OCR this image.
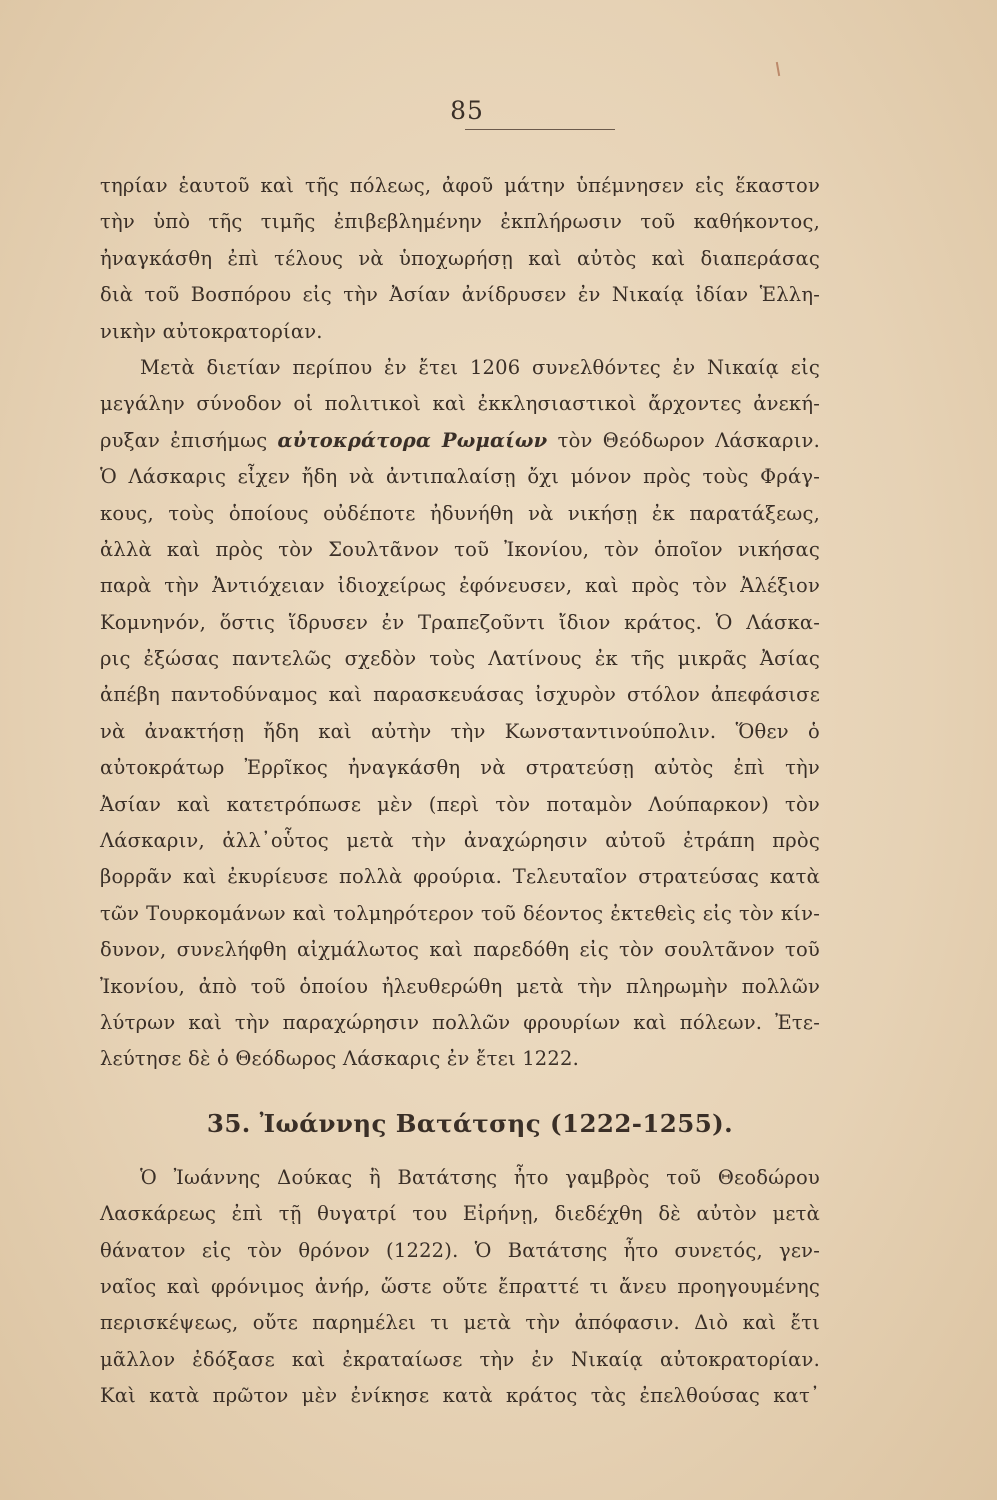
85
τηρίαν ἑαυτοῦ καὶ τῆς πόλεως, ἀφοῦ μάτην ὑπέμνησεν εἰς ἕκαστον
τὴν ὑπὸ τῆς τιμῆς ἐπιβεβλημένην ἐκπλήρωσιν τοῦ καθήκοντος,
ἠναγκάσθη ἐπὶ τέλους νὰ ὑποχωρήσῃ καὶ αὐτὸς καὶ διαπεράσας
διὰ τοῦ Βοσπόρου εἰς τὴν Ἀσίαν ἀνίδρυσεν ἐν Νικαίᾳ ἰδίαν Ἑλλη-
νικὴν αὐτοκρατορίαν.
Μετὰ διετίαν περίπου ἐν ἔτει 1206 συνελθόντες ἐν Νικαίᾳ εἰς
μεγάλην σύνοδον οἱ πολιτικοὶ καὶ ἐκκλησιαστικοὶ ἄρχοντες ἀνεκή-
ρυξαν ἐπισήμως αὐτοκράτορα Ρωμαίων τὸν Θεόδωρον Λάσκαριν.
Ὁ Λάσκαρις εἶχεν ἤδη νὰ ἀντιπαλαίσῃ ὄχι μόνον πρὸς τοὺς Φράγ-
κους, τοὺς ὁποίους οὐδέποτε ἠδυνήθη νὰ νικήσῃ ἐκ παρατάξεως,
ἀλλὰ καὶ πρὸς τὸν Σουλτᾶνον τοῦ Ἰκονίου, τὸν ὁποῖον νικήσας
παρὰ τὴν Ἀντιόχειαν ἰδιοχείρως ἐφόνευσεν, καὶ πρὸς τὸν Ἀλέξιον
Κομνηνόν, ὅστις ἵδρυσεν ἐν Τραπεζοῦντι ἴδιον κράτος. Ὁ Λάσκα-
ρις ἐξώσας παντελῶς σχεδὸν τοὺς Λατίνους ἐκ τῆς μικρᾶς Ἀσίας
ἀπέβη παντοδύναμος καὶ παρασκευάσας ἰσχυρὸν στόλον ἀπεφάσισε
νὰ ἀνακτήσῃ ἤδη καὶ αὐτὴν τὴν Κωνσταντινούπολιν. Ὅθεν ὁ
αὐτοκράτωρ Ἐρρῖκος ἠναγκάσθη νὰ στρατεύσῃ αὐτὸς ἐπὶ τὴν
Ἀσίαν καὶ κατετρόπωσε μὲν (περὶ τὸν ποταμὸν Λούπαρκον) τὸν
Λάσκαριν, ἀλλ᾽οὗτος μετὰ τὴν ἀναχώρησιν αὐτοῦ ἐτράπη πρὸς
βορρᾶν καὶ ἐκυρίευσε πολλὰ φρούρια. Τελευταῖον στρατεύσας κατὰ
τῶν Τουρκομάνων καὶ τολμηρότερον τοῦ δέοντος ἐκτεθεὶς εἰς τὸν κίν-
δυνον, συνελήφθη αἰχμάλωτος καὶ παρεδόθη εἰς τὸν σουλτᾶνον τοῦ
Ἰκονίου, ἀπὸ τοῦ ὁποίου ἠλευθερώθη μετὰ τὴν πληρωμὴν πολλῶν
λύτρων καὶ τὴν παραχώρησιν πολλῶν φρουρίων καὶ πόλεων. Ἐτε-
λεύτησε δὲ ὁ Θεόδωρος Λάσκαρις ἐν ἔτει 1222.
35. Ἰωάννης Βατάτσης (1222-1255).
Ὁ Ἰωάννης Δούκας ἢ Βατάτσης ἦτο γαμβρὸς τοῦ Θεοδώρου
Λασκάρεως ἐπὶ τῇ θυγατρί του Εἰρήνῃ, διεδέχθη δὲ αὐτὸν μετὰ
θάνατον εἰς τὸν θρόνον (1222). Ὁ Βατάτσης ἦτο συνετός, γεν-
ναῖος καὶ φρόνιμος ἀνήρ, ὥστε οὔτε ἔπραττέ τι ἄνευ προηγουμένης
περισκέψεως, οὔτε παρημέλει τι μετὰ τὴν ἀπόφασιν. Διὸ καὶ ἔτι
μᾶλλον ἐδόξασε καὶ ἐκραταίωσε τὴν ἐν Νικαίᾳ αὐτοκρατορίαν.
Καὶ κατὰ πρῶτον μὲν ἐνίκησε κατὰ κράτος τὰς ἐπελθούσας κατ᾽
